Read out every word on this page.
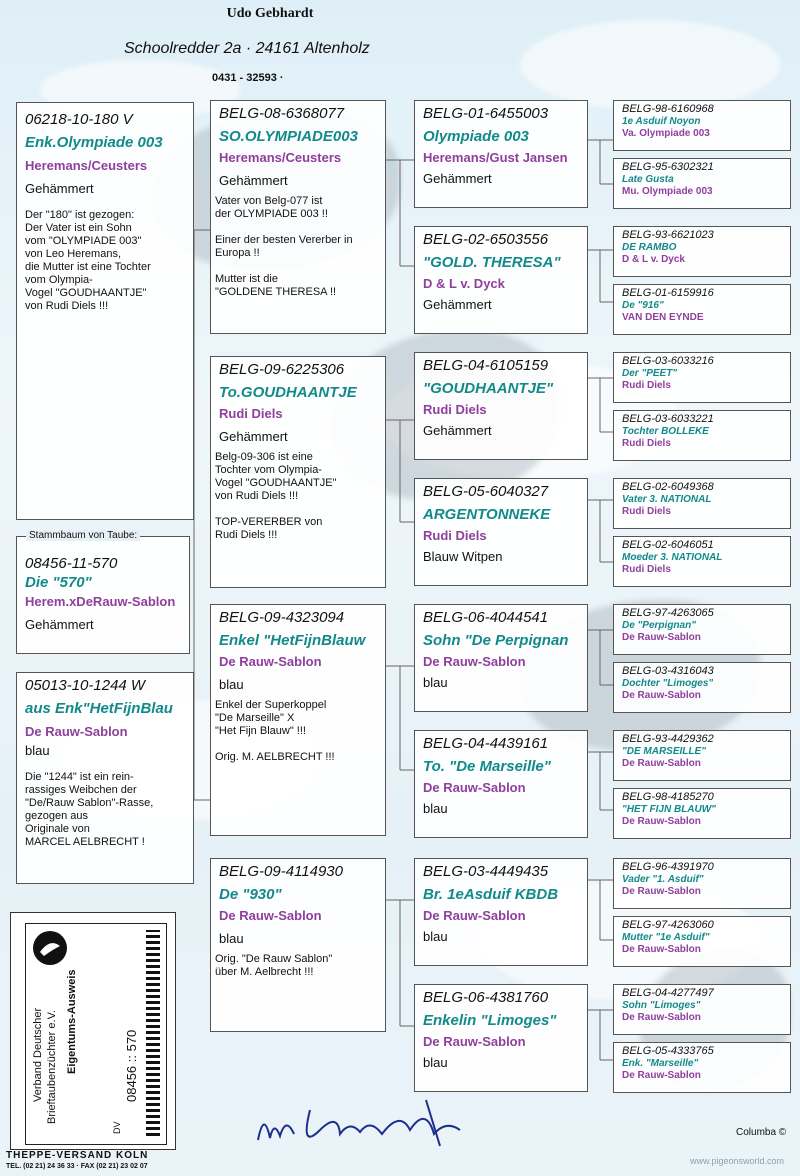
Udo Gebhardt
Schoolredder 2a · 24161 Altenholz
0431 - 32593 ·
08456-11-570
Die "570"
Herem.xDeRauw-Sablon
Gehämmert
Stammbaum von Taube:
06218-10-180 V
Enk.Olympiade 003
Heremans/Ceusters
Gehämmert
Der "180" ist gezogen:
Der Vater ist ein Sohn
vom "OLYMPIADE 003"
von Leo Heremans,
die Mutter ist eine Tochter
vom Olympia-
Vogel "GOUDHAANTJE"
von Rudi Diels !!!
05013-10-1244 W
aus Enk"HetFijnBlau
De Rauw-Sablon
blau
Die "1244" ist ein rein-
rassiges Weibchen der
"De/Rauw Sablon"-Rasse,
gezogen aus
Originale von
MARCEL AELBRECHT !
BELG-08-6368077
SO.OLYMPIADE003
Heremans/Ceusters
Gehämmert
Vater von Belg-077 ist
der OLYMPIADE 003 !!

Einer der besten Vererber in
Europa !!

Mutter ist die
"GOLDENE THERESA !!
BELG-09-6225306
To.GOUDHAANTJE
Rudi Diels
Gehämmert
Belg-09-306 ist eine
Tochter vom Olympia-
Vogel "GOUDHAANTJE"
von Rudi Diels !!!

TOP-VERERBER von
Rudi Diels !!!
BELG-09-4323094
Enkel "HetFijnBlauw
De Rauw-Sablon
blau
Enkel der Superkoppel
"De Marseille" X
"Het Fijn Blauw" !!!

Orig. M. AELBRECHT !!!
BELG-09-4114930
De "930"
De Rauw-Sablon
blau
Orig. "De Rauw Sablon"
über M. Aelbrecht !!!
BELG-01-6455003
Olympiade 003
Heremans/Gust Jansen
Gehämmert
BELG-02-6503556
"GOLD. THERESA"
D & L v. Dyck
Gehämmert
BELG-04-6105159
"GOUDHAANTJE"
Rudi Diels
Gehämmert
BELG-05-6040327
ARGENTONNEKE
Rudi Diels
Blauw Witpen
BELG-06-4044541
Sohn "De Perpignan
De Rauw-Sablon
blau
BELG-04-4439161
To. "De Marseille"
De Rauw-Sablon
blau
BELG-03-4449435
Br. 1eAsduif KBDB
De Rauw-Sablon
blau
BELG-06-4381760
Enkelin "Limoges"
De Rauw-Sablon
blau
BELG-98-6160968
1e Asduif Noyon
Va. Olympiade 003
BELG-95-6302321
Late Gusta
Mu. Olympiade 003
BELG-93-6621023
DE RAMBO
D & L v. Dyck
BELG-01-6159916
De "916"
VAN DEN EYNDE
BELG-03-6033216
Der "PEET"
Rudi Diels
BELG-03-6033221
Tochter BOLLEKE
Rudi Diels
BELG-02-6049368
Vater 3. NATIONAL
Rudi Diels
BELG-02-6046051
Moeder 3. NATIONAL
Rudi Diels
BELG-97-4263065
De "Perpignan"
De Rauw-Sablon
BELG-03-4316043
Dochter "Limoges"
De Rauw-Sablon
BELG-93-4429362
"DE MARSEILLE"
De Rauw-Sablon
BELG-98-4185270
"HET FIJN BLAUW"
De Rauw-Sablon
BELG-96-4391970
Vader "1. Asduif"
De Rauw-Sablon
BELG-97-4263060
Mutter "1e Asduif"
De Rauw-Sablon
BELG-04-4277497
Sohn "Limoges"
De Rauw-Sablon
BELG-05-4333765
Enk. "Marseille"
De Rauw-Sablon
Verband Deutscher Brieftaubenzüchter e.V. Eigentums-Ausweis
DV
08456 :: 570
THEPPE-VERSAND KÖLN
TEL. (02 21) 24 36 33 · FAX (02 21) 23 02 07
Columba ©
www.pigeonsworld.com
